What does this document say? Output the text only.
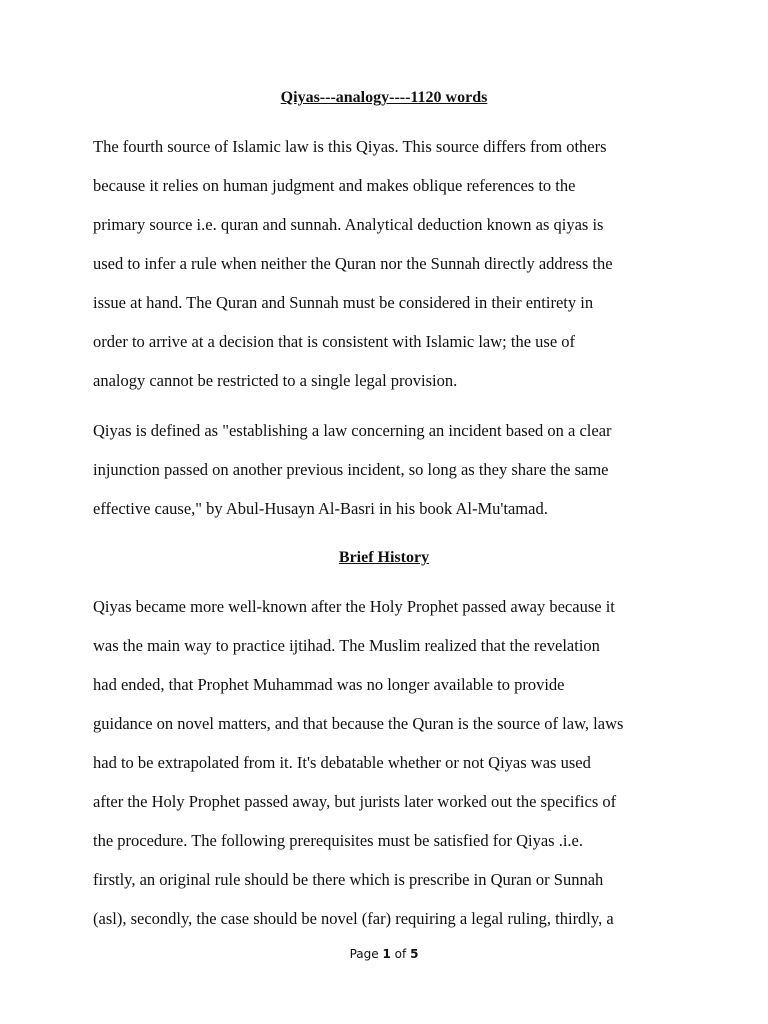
Qiyas---analogy----1120 words
The fourth source of Islamic law is this Qiyas. This source differs from others
because it relies on human judgment and makes oblique references to the
primary source i.e. quran and sunnah. Analytical deduction known as qiyas is
used to infer a rule when neither the Quran nor the Sunnah directly address the
issue at hand. The Quran and Sunnah must be considered in their entirety in
order to arrive at a decision that is consistent with Islamic law; the use of
analogy cannot be restricted to a single legal provision.
Qiyas is defined as "establishing a law concerning an incident based on a clear
injunction passed on another previous incident, so long as they share the same
effective cause," by Abul-Husayn Al-Basri in his book Al-Mu'tamad.
Brief History
Qiyas became more well-known after the Holy Prophet passed away because it
was the main way to practice ijtihad. The Muslim realized that the revelation
had ended, that Prophet Muhammad was no longer available to provide
guidance on novel matters, and that because the Quran is the source of law, laws
had to be extrapolated from it. It's debatable whether or not Qiyas was used
after the Holy Prophet passed away, but jurists later worked out the specifics of
the procedure. The following prerequisites must be satisfied for Qiyas .i.e.
firstly, an original rule should be there which is prescribe in Quran or Sunnah
(asl), secondly, the case should be novel (far) requiring a legal ruling, thirdly, a
Page 1 of 5
